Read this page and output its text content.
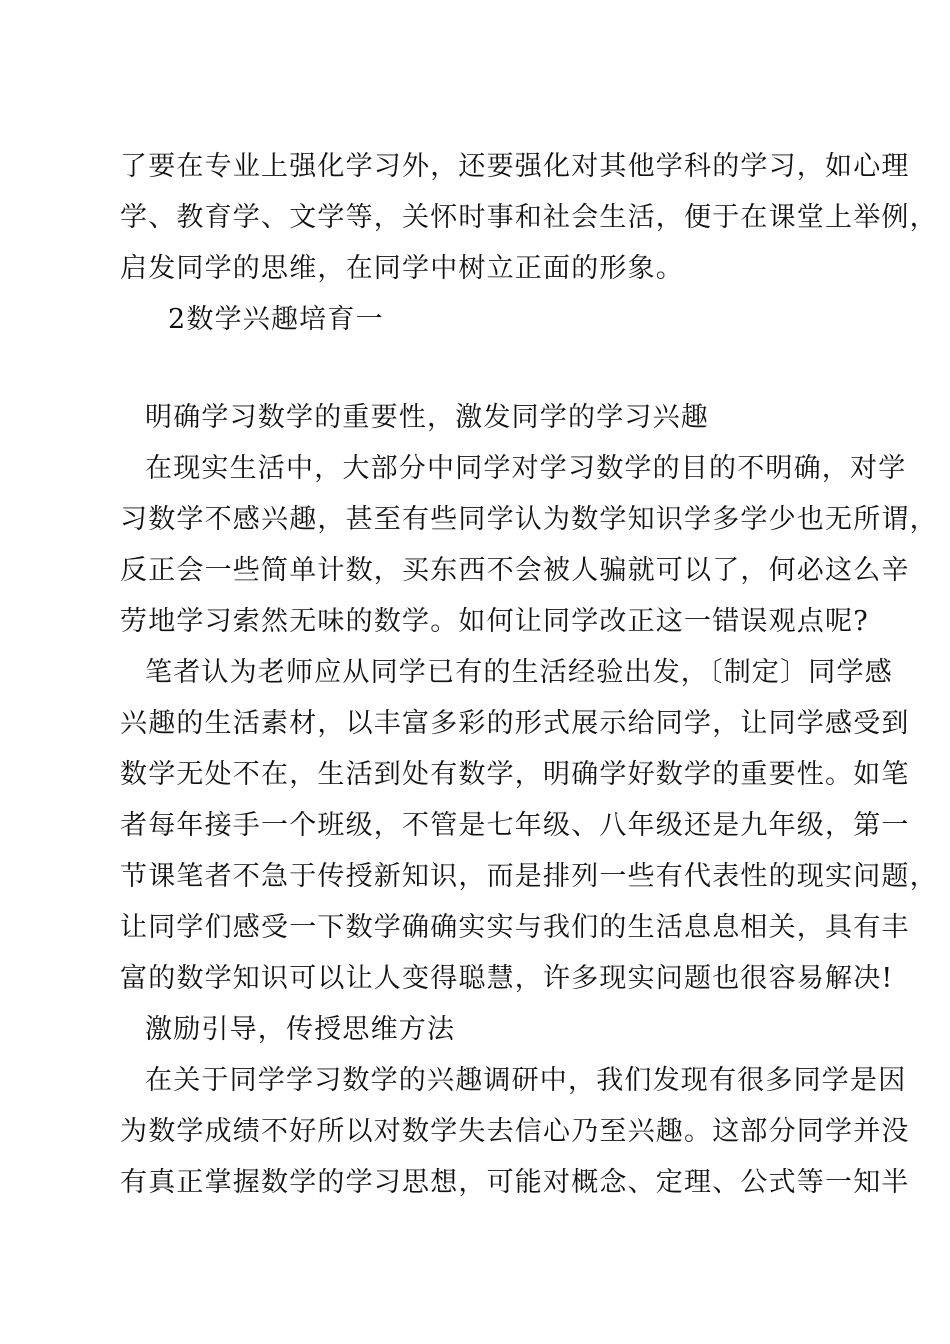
了要在专业上强化学习外，还要强化对其他学科的学习，如心理
学、教育学、文学等，关怀时事和社会生活，便于在课堂上举例，
启发同学的思维，在同学中树立正面的形象。
2数学兴趣培育一
明确学习数学的重要性，激发同学的学习兴趣
在现实生活中，大部分中同学对学习数学的目的不明确，对学
习数学不感兴趣，甚至有些同学认为数学知识学多学少也无所谓，
反正会一些简单计数，买东西不会被人骗就可以了，何必这么辛
劳地学习索然无味的数学。如何让同学改正这一错误观点呢?
笔者认为老师应从同学已有的生活经验出发，〔制定〕同学感
兴趣的生活素材，以丰富多彩的形式展示给同学，让同学感受到
数学无处不在，生活到处有数学，明确学好数学的重要性。如笔
者每年接手一个班级，不管是七年级、八年级还是九年级，第一
节课笔者不急于传授新知识，而是排列一些有代表性的现实问题，
让同学们感受一下数学确确实实与我们的生活息息相关，具有丰
富的数学知识可以让人变得聪慧，许多现实问题也很容易解决!
激励引导，传授思维方法
在关于同学学习数学的兴趣调研中，我们发现有很多同学是因
为数学成绩不好所以对数学失去信心乃至兴趣。这部分同学并没
有真正掌握数学的学习思想，可能对概念、定理、公式等一知半
